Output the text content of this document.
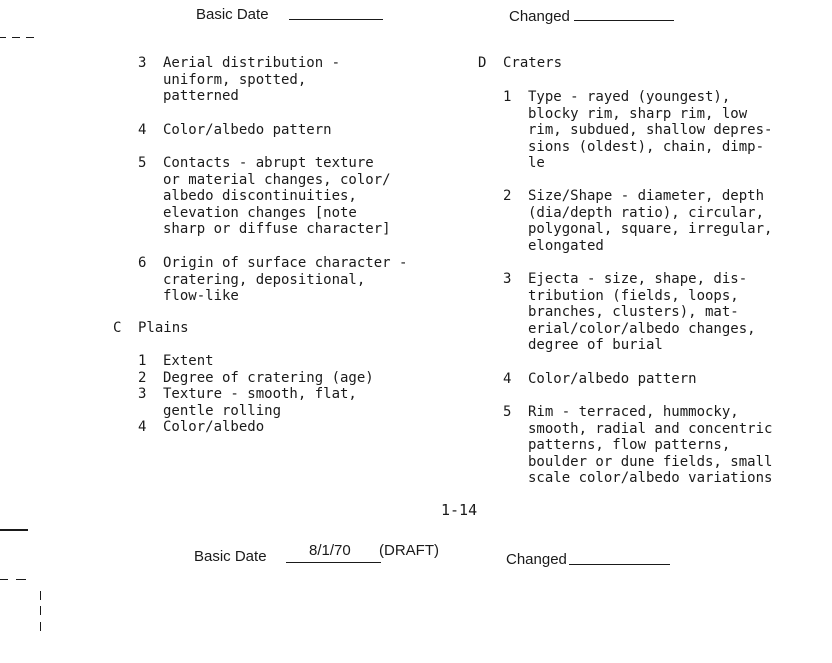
Basic Date	Changed
3 Aerial distribution -
uniform, spotted,
patterned
4 Color/albedo pattern
5 Contacts - abrupt texture
or material changes, color/
albedo discontinuities,
elevation changes [note
sharp or diffuse character]
6 Origin of surface character -
cratering, depositional,
flow-like
C Plains
1 Extent
2 Degree of cratering (age)
3 Texture - smooth, flat,
gentle rolling
4 Color/albedo
D Craters
1 Type - rayed (youngest),
blocky rim, sharp rim, low
rim, subdued, shallow depres-
sions (oldest), chain, dimp-
le
2 Size/Shape - diameter, depth
(dia/depth ratio), circular,
polygonal, square, irregular,
elongated
3 Ejecta - size, shape, dis-
tribution (fields, loops,
branches, clusters), mat-
erial/color/albedo changes,
degree of burial
4 Color/albedo pattern
5 Rim - terraced, hummocky,
smooth, radial and concentric
patterns, flow patterns,
boulder or dune fields, small
scale color/albedo variations
1-14
Basic Date	8/1/70 (DRAFT)
Changed
